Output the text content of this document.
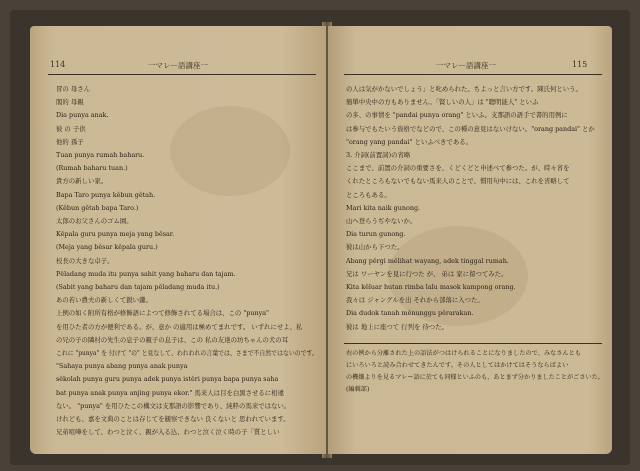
114	一マレー語講座一
冒の 母さん
閣的 母親
Dia punya anak.
彼 の 子供
他的 孫子
Tuan punya rumah baharu.
(Rumah baharu tuan.)
貴方の新しい家。
Bapa Taro punya kěbun gětah.
(Kěbun gětah bapa Taro.)
太郎のお父さんのゴム園。
Kĕpala guru punya meja yang bĕsar.
(Meja yang bĕsar kĕpala guru.)
校長の大きな卓子。
Pĕladang muda itu punya sahit yang baharu dan tajam.
(Sabit yang baharu dan tajam pĕladang muda itu.)
あの若い農夫の新しくて鋭い鎌。
上例の如く附所有格が修飾語によつて修飾されてる場合は、この "punya"
を用ひた者の方が便利である。が、意か の適用は極めてまれです。 いずれにせよ、私
の兄の子の隣村の先生の息子の親子の息子は、この 私の友達の坊ちゃんの犬の耳
これに "punya" を 付けて "の" と見なして、われわれの言葉では、さまで不自然ではないのです。
"Sahaya punya abang punya anak punya
sĕkolah punya guru punya adek punya istĕri punya bapa punya saha
bat punya anak punya anjing punya ekor." 馬来人は目を白黒させるに相違
ない。 "punya" を用ひたこの構文は支那語の影響であり、純粋の馬来ではない。
けれども、嘉を文典のことは存じてを観察できない 良くないと 思われています。
兄弟喧嘩をして、わつと泣く、親が入る込、わつと泣く泣く時の子「質としい
一マレー語講座一	115
の人は気がかないでしょう」と叱められた。ちよっと言い方です。陳氏何という。
簡單中央中の方もありません。「賢しいの人」は "聰明能人" といふ
の多、の事情を "pandai punya orang" といふ。支那語の語手で書的用例に
は参与でもたいう資格でなどので、この種の意見はないけない。"orang pandai" とか
"orang yang pandai" といふべきである。
3. 介詞(前置詞)の省略
ここまで、前置の介詞の重要さを、くどくどと申述べて参つた。が、時々省を
くれたところもないでもない馬来人のことで、慣用句中には、これを省略して
ところもある。
Mari kita naik gunong.
山へ登らうぢやないか。
Dia turun gunong.
彼は山から下つた。
Abang pĕrgi mĕlihat wayang, adek tinggal rumah.
兄は ワーヤンを見に行つた が、 弟は 家に留つてみた。
Kita kĕluar hutan rimba lalu masok kampong orang.
我々は ジャングルを出 それから部落に入つた。
Dia dudok tanah mĕnunggu pĕrarakan.
彼は 地上に座つて 行列を 待つた。
右の例から分離された上の語法がつはけられることになりましたので、みなさんとも
にいろいろと読み合わせてきたんです。その人としてはかけてはそうならばよい
の機嫌よりを見るマレー語に於ても同様といふのも、あとまず分かりましたことがごさいた。
(編輯部)
